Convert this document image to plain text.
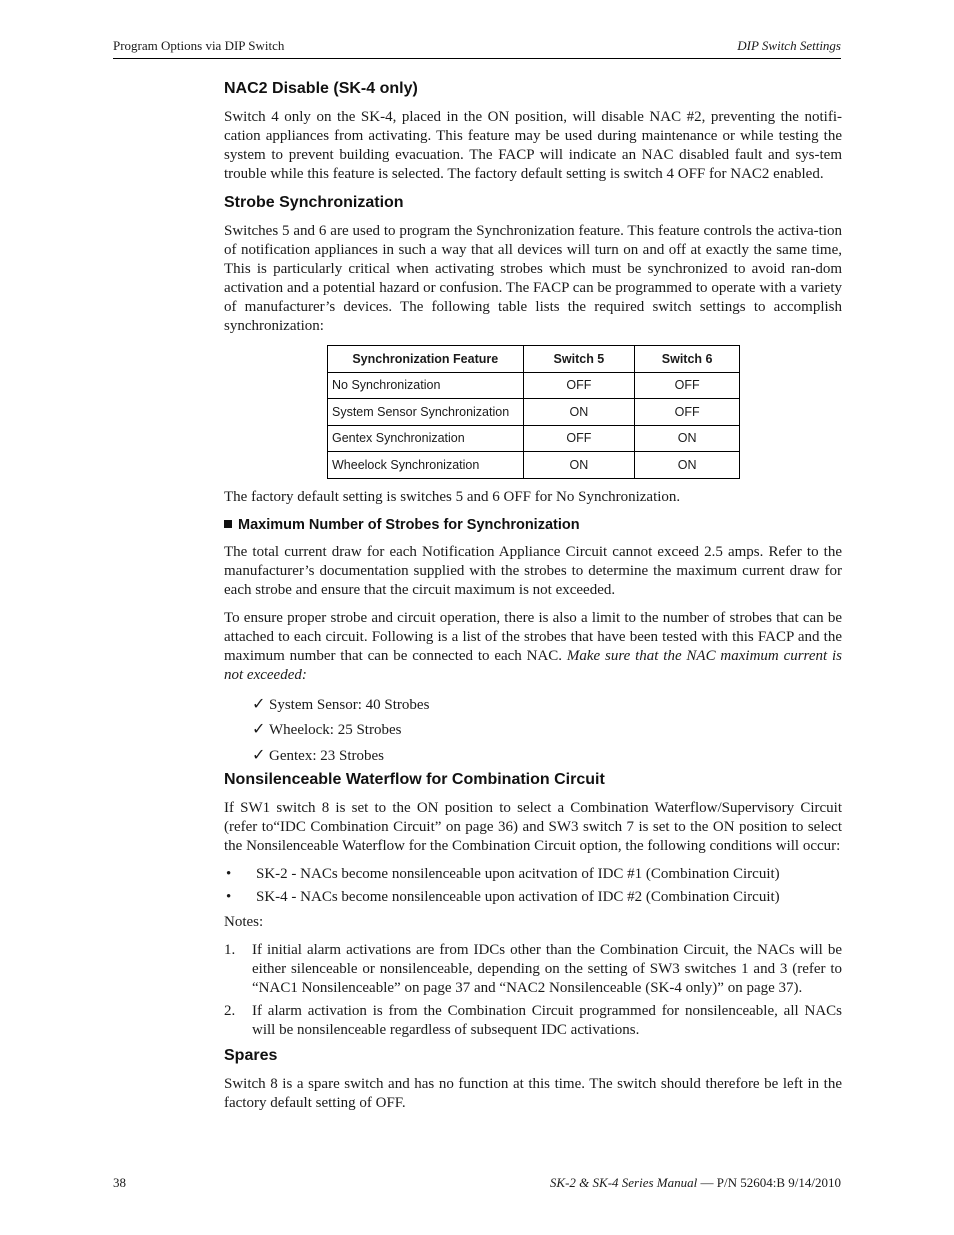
Program Options via DIP Switch	DIP Switch Settings
NAC2 Disable (SK-4 only)

Switch 4 only on the SK-4, placed in the ON position, will disable NAC #2, preventing the notifi-cation appliances from activating. This feature may be used during maintenance or while testing the system to prevent building evacuation. The FACP will indicate an NAC disabled fault and sys-tem trouble while this feature is selected. The factory default setting is switch 4 OFF for NAC2 enabled.

Strobe Synchronization

Switches 5 and 6 are used to program the Synchronization feature. This feature controls the activa-tion of notification appliances in such a way that all devices will turn on and off at exactly the same time, This is particularly critical when activating strobes which must be synchronized to avoid ran-dom activation and a potential hazard or confusion. The FACP can be programmed to operate with a variety of manufacturer’s devices. The following table lists the required switch settings to accomplish synchronization:

Synchronization Feature	Switch 5	Switch 6
No Synchronization	OFF	OFF
System Sensor Synchronization	ON	OFF
Gentex Synchronization	OFF	ON
Wheelock Synchronization	ON	ON

The factory default setting is switches 5 and 6 OFF for No Synchronization.

Maximum Number of Strobes for Synchronization

The total current draw for each Notification Appliance Circuit cannot exceed 2.5 amps. Refer to the manufacturer’s documentation supplied with the strobes to determine the maximum current draw for each strobe and ensure that the circuit maximum is not exceeded.

To ensure proper strobe and circuit operation, there is also a limit to the number of strobes that can be attached to each circuit. Following is a list of the strobes that have been tested with this FACP and the maximum number that can be connected to each NAC. Make sure that the NAC maximum current is not exceeded:

✓ System Sensor: 40 Strobes
✓ Wheelock: 25 Strobes
✓ Gentex: 23 Strobes
Nonsilenceable Waterflow for Combination Circuit

If SW1 switch 8 is set to the ON position to select a Combination Waterflow/Supervisory Circuit (refer to“IDC Combination Circuit” on page 36) and SW3 switch 7 is set to the ON position to select the Nonsilenceable Waterflow for the Combination Circuit option, the following conditions will occur:

• SK-2 - NACs become nonsilenceable upon acitvation of IDC #1 (Combination Circuit)
• SK-4 - NACs become nonsilenceable upon activation of IDC #2 (Combination Circuit)

Notes:

1. If initial alarm activations are from IDCs other than the Combination Circuit, the NACs will be either silenceable or nonsilenceable, depending on the setting of SW3 switches 1 and 3 (refer to “NAC1 Nonsilenceable” on page 37 and “NAC2 Nonsilenceable (SK-4 only)” on page 37).
2. If alarm activation is from the Combination Circuit programmed for nonsilenceable, all NACs will be nonsilenceable regardless of subsequent IDC activations.
Spares

Switch 8 is a spare switch and has no function at this time. The switch should therefore be left in the factory default setting of OFF.

38	SK-2 & SK-4 Series Manual — P/N 52604:B 9/14/2010
